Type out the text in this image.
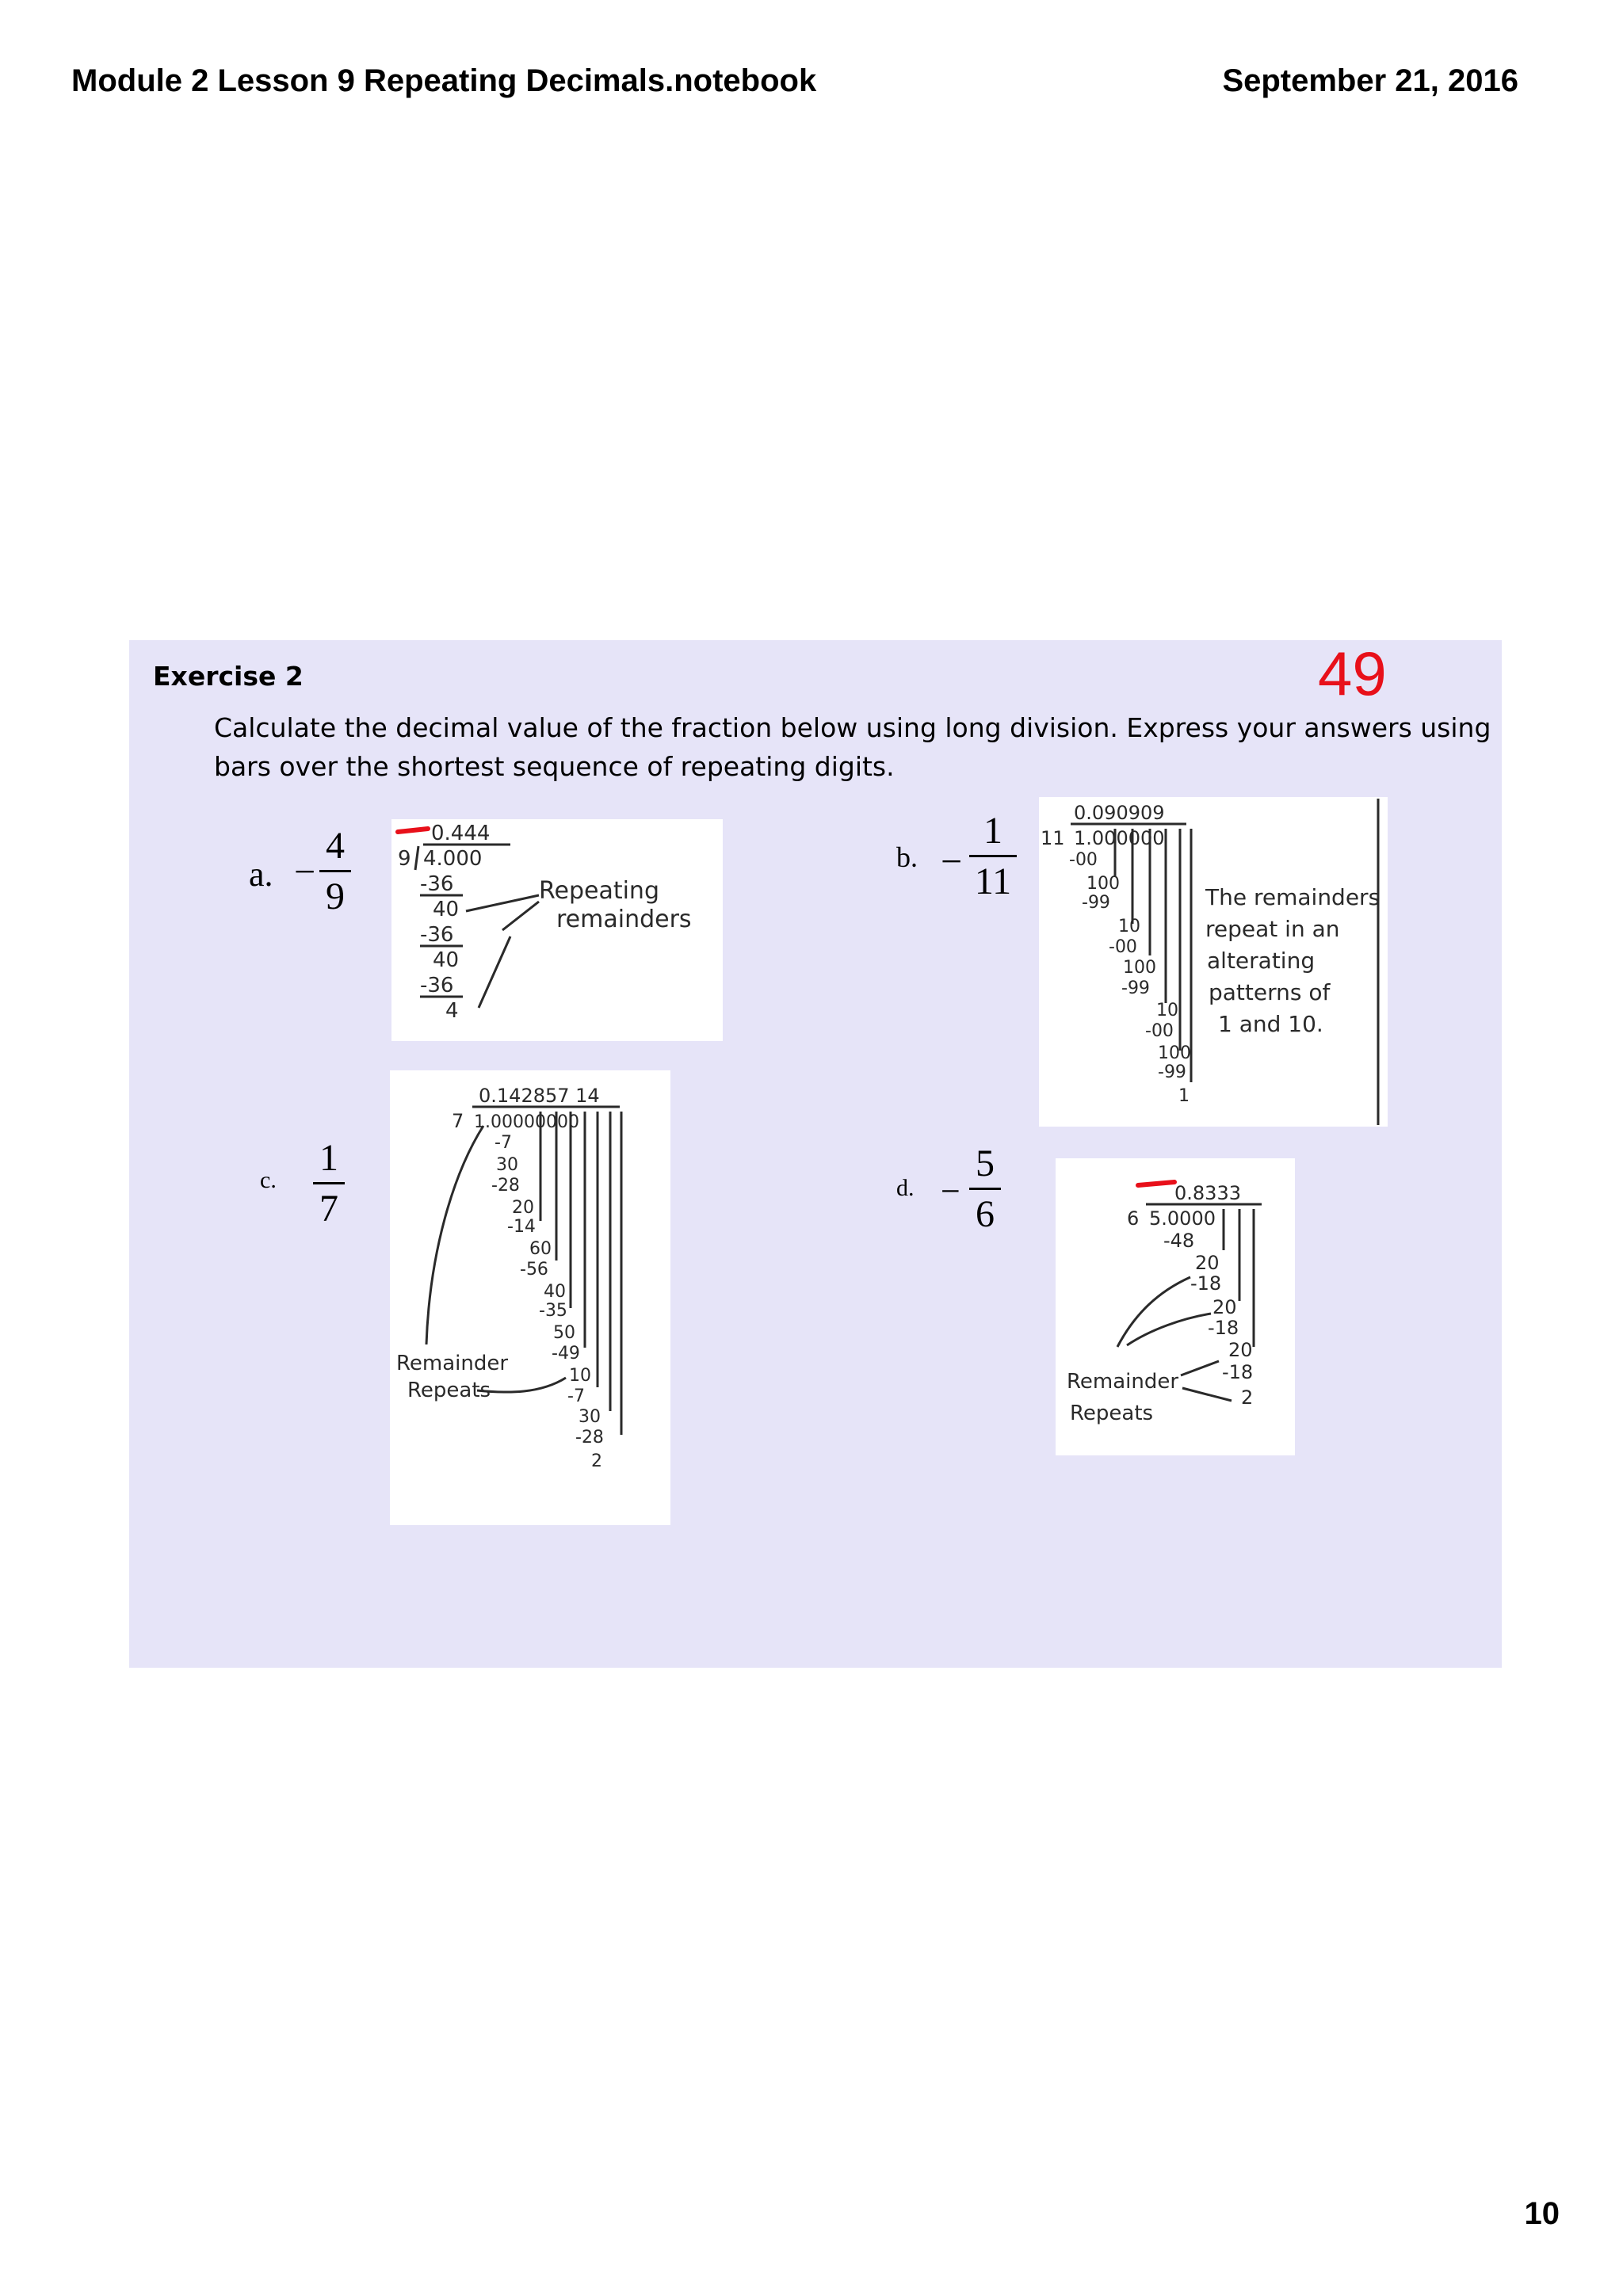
Module 2 Lesson 9 Repeating Decimals.notebook	September 21, 2016
Exercise 2	49
Calculate the decimal value of the fraction below using long division. Express your answers using bars over the shortest sequence of repeating digits.
a. −
4
9
0.444
9 4.000
-36
40
-36
40
-36
4
Repeating
remainders
b. −
1
11
0.090909
11 1.000000
-00
100
-99
10
-00
100
-99
10
-00
100
-99
1
The remainders
repeat in an
alterating
patterns of
1 and 10.
c.
1
7
0.142857 14
7 1.00000000
-7
30
-28
20
-14
60
-56
40
-35
50
-49
10
-7
30
-28
2
Remainder
Repeats
d. −
5
6	0.8333
6 5.0000
-48
20
-18
20
-18
20
-18
2
Remainder
Repeats
10
